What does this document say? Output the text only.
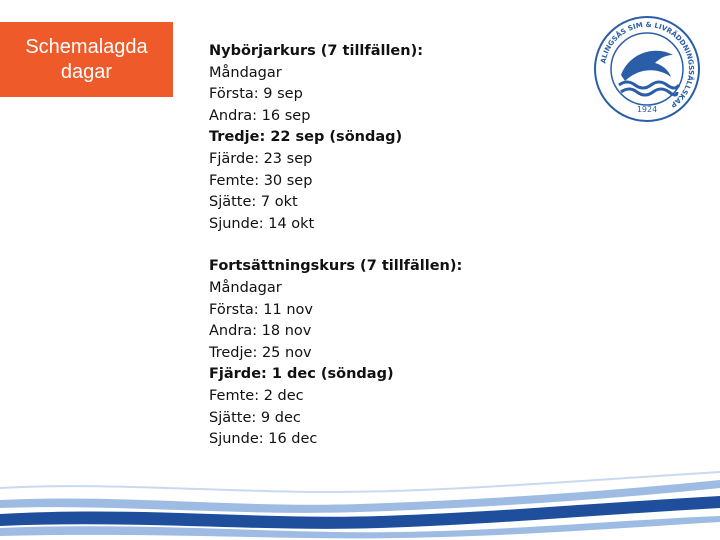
Schemalagda
dagar
Nybörjarkurs (7 tillfällen):
Måndagar
Första: 9 sep
Andra: 16 sep
Tredje: 22 sep (söndag)
Fjärde: 23 sep
Femte: 30 sep
Sjätte: 7 okt
Sjunde: 14 okt
Fortsättningskurs (7 tillfällen):
Måndagar
Första: 11 nov
Andra: 18 nov
Tredje: 25 nov
Fjärde: 1 dec (söndag)
Femte: 2 dec
Sjätte: 9 dec
Sjunde: 16 dec
ALINGSÅS SIM & LIVRÄDDNINGSSÄLLSKAP
1924
